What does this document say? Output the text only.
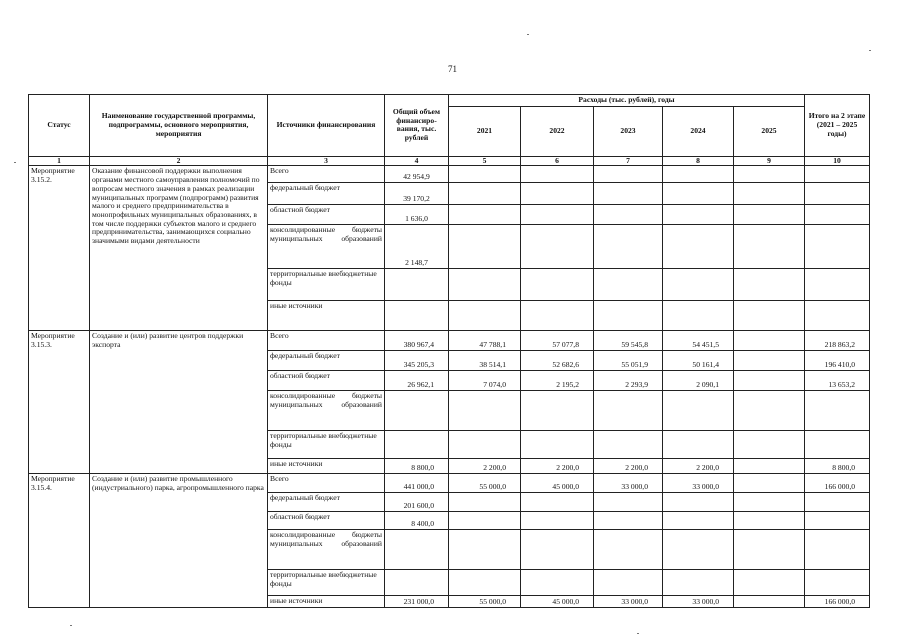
71
Статус	Наименование государственной программы, подпрограммы, основного мероприятия, мероприятия	Источники финансирования	Общий объем финансиро-вания, тыс. рублей	Расходы (тыс. рублей), годы					Итого на 2 этапе (2021 – 2025 годы)
				2021	2022	2023	2024	2025	
1	2	3	4	5	6	7	8	9	10
Мероприятие 3.15.2.	Оказание финансовой поддержки выполнения органами местного самоуправления полномочий по вопросам местного значения в рамках реализации муниципальных программ (подпрограмм) развития малого и среднего предпринимательства в монопрофильных муниципальных образованиях, в том числе поддержки субъектов малого и среднего предпринимательства, занимающихся социально значимыми видами деятельности	Всего	42 954,9						
		федеральный бюджет	39 170,2						
		областной бюджет	1 636,0						
		консолидированные бюджеты муниципальных образований	2 148,7						
		территориальные внебюджетные фонды							
		иные источники							
Мероприятие 3.15.3.	Создание и (или) развитие центров поддержки экспорта	Всего	380 967,4	47 788,1	57 077,8	59 545,8	54 451,5		218 863,2
		федеральный бюджет	345 205,3	38 514,1	52 682,6	55 051,9	50 161,4		196 410,0
		областной бюджет	26 962,1	7 074,0	2 195,2	2 293,9	2 090,1		13 653,2
		консолидированные бюджеты муниципальных образований							
		территориальные внебюджетные фонды							
		иные источники	8 800,0	2 200,0	2 200,0	2 200,0	2 200,0		8 800,0
Мероприятие 3.15.4.	Создание и (или) развитие промышленного (индустриального) парка, агропромышленного парка	Всего	441 000,0	55 000,0	45 000,0	33 000,0	33 000,0		166 000,0
		федеральный бюджет	201 600,0						
		областной бюджет	8 400,0						
		консолидированные бюджеты муниципальных образований							
		территориальные внебюджетные фонды							
		иные источники	231 000,0	55 000,0	45 000,0	33 000,0	33 000,0		166 000,0
